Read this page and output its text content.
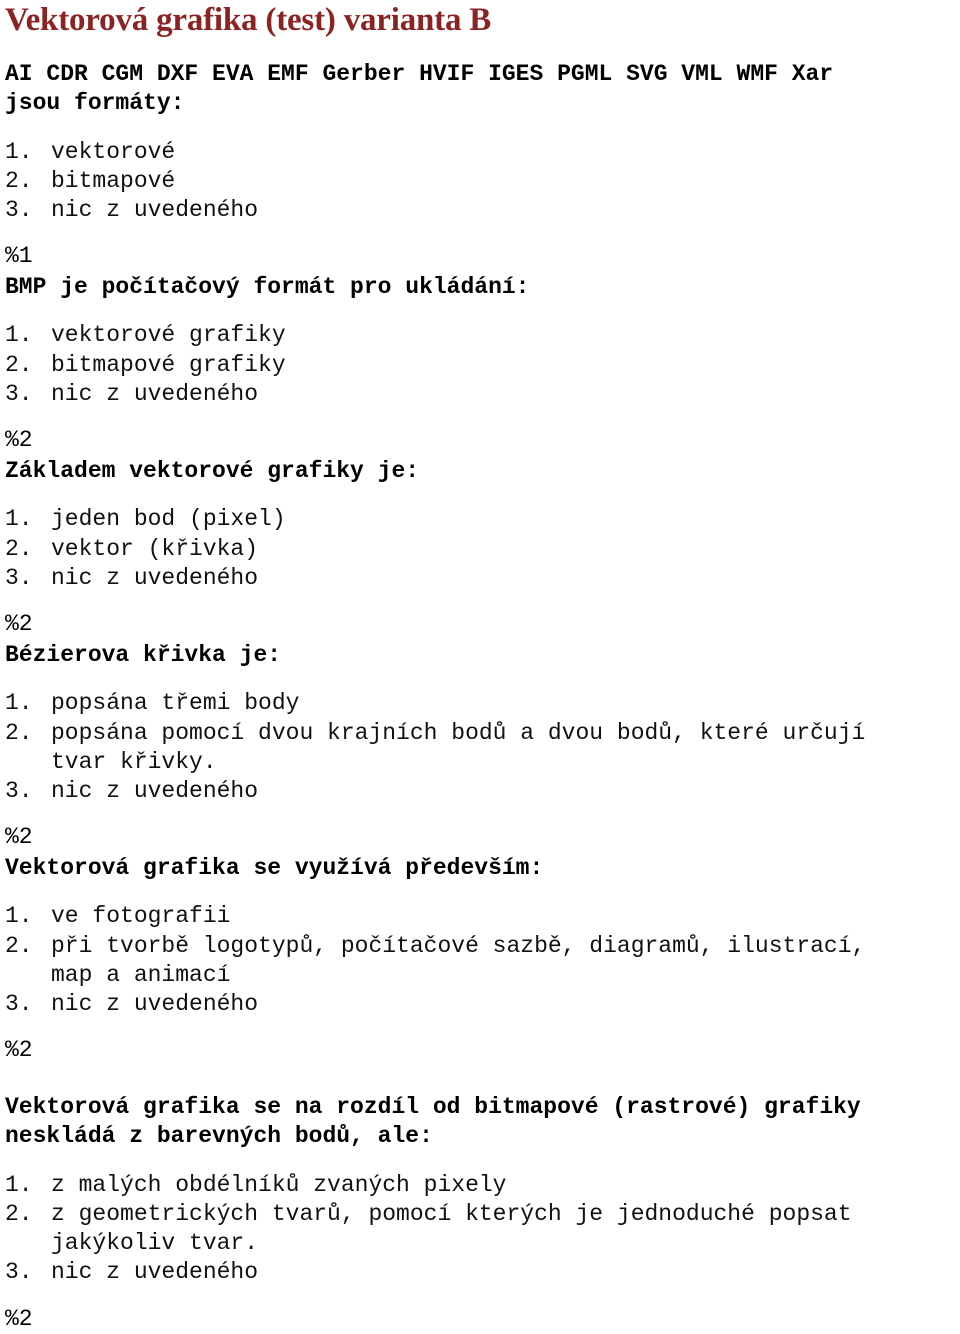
Vektorová grafika (test) varianta B

AI CDR CGM DXF EVA EMF Gerber HVIF IGES PGML SVG VML WMF Xar
jsou formáty:

1. vektorové
2. bitmapové
3. nic z uvedeného

%1

BMP je počítačový formát pro ukládání:

1. vektorové grafiky
2. bitmapové grafiky
3. nic z uvedeného

%2

Základem vektorové grafiky je:

1. jeden bod (pixel)
2. vektor (křivka)
3. nic z uvedeného

%2

Bézierova křivka je:

1. popsána třemi body
2. popsána pomocí dvou krajních bodů a dvou bodů, které určují
tvar křivky.
3. nic z uvedeného

%2

Vektorová grafika se využívá především:

1. ve fotografii
2. při tvorbě logotypů, počítačové sazbě, diagramů, ilustrací,
map a animací
3. nic z uvedeného

%2

Vektorová grafika se na rozdíl od bitmapové (rastrové) grafiky
neskládá z barevných bodů, ale:

1. z malých obdélníků zvaných pixely
2. z geometrických tvarů, pomocí kterých je jednoduché popsat
jakýkoliv tvar.
3. nic z uvedeného

%2
